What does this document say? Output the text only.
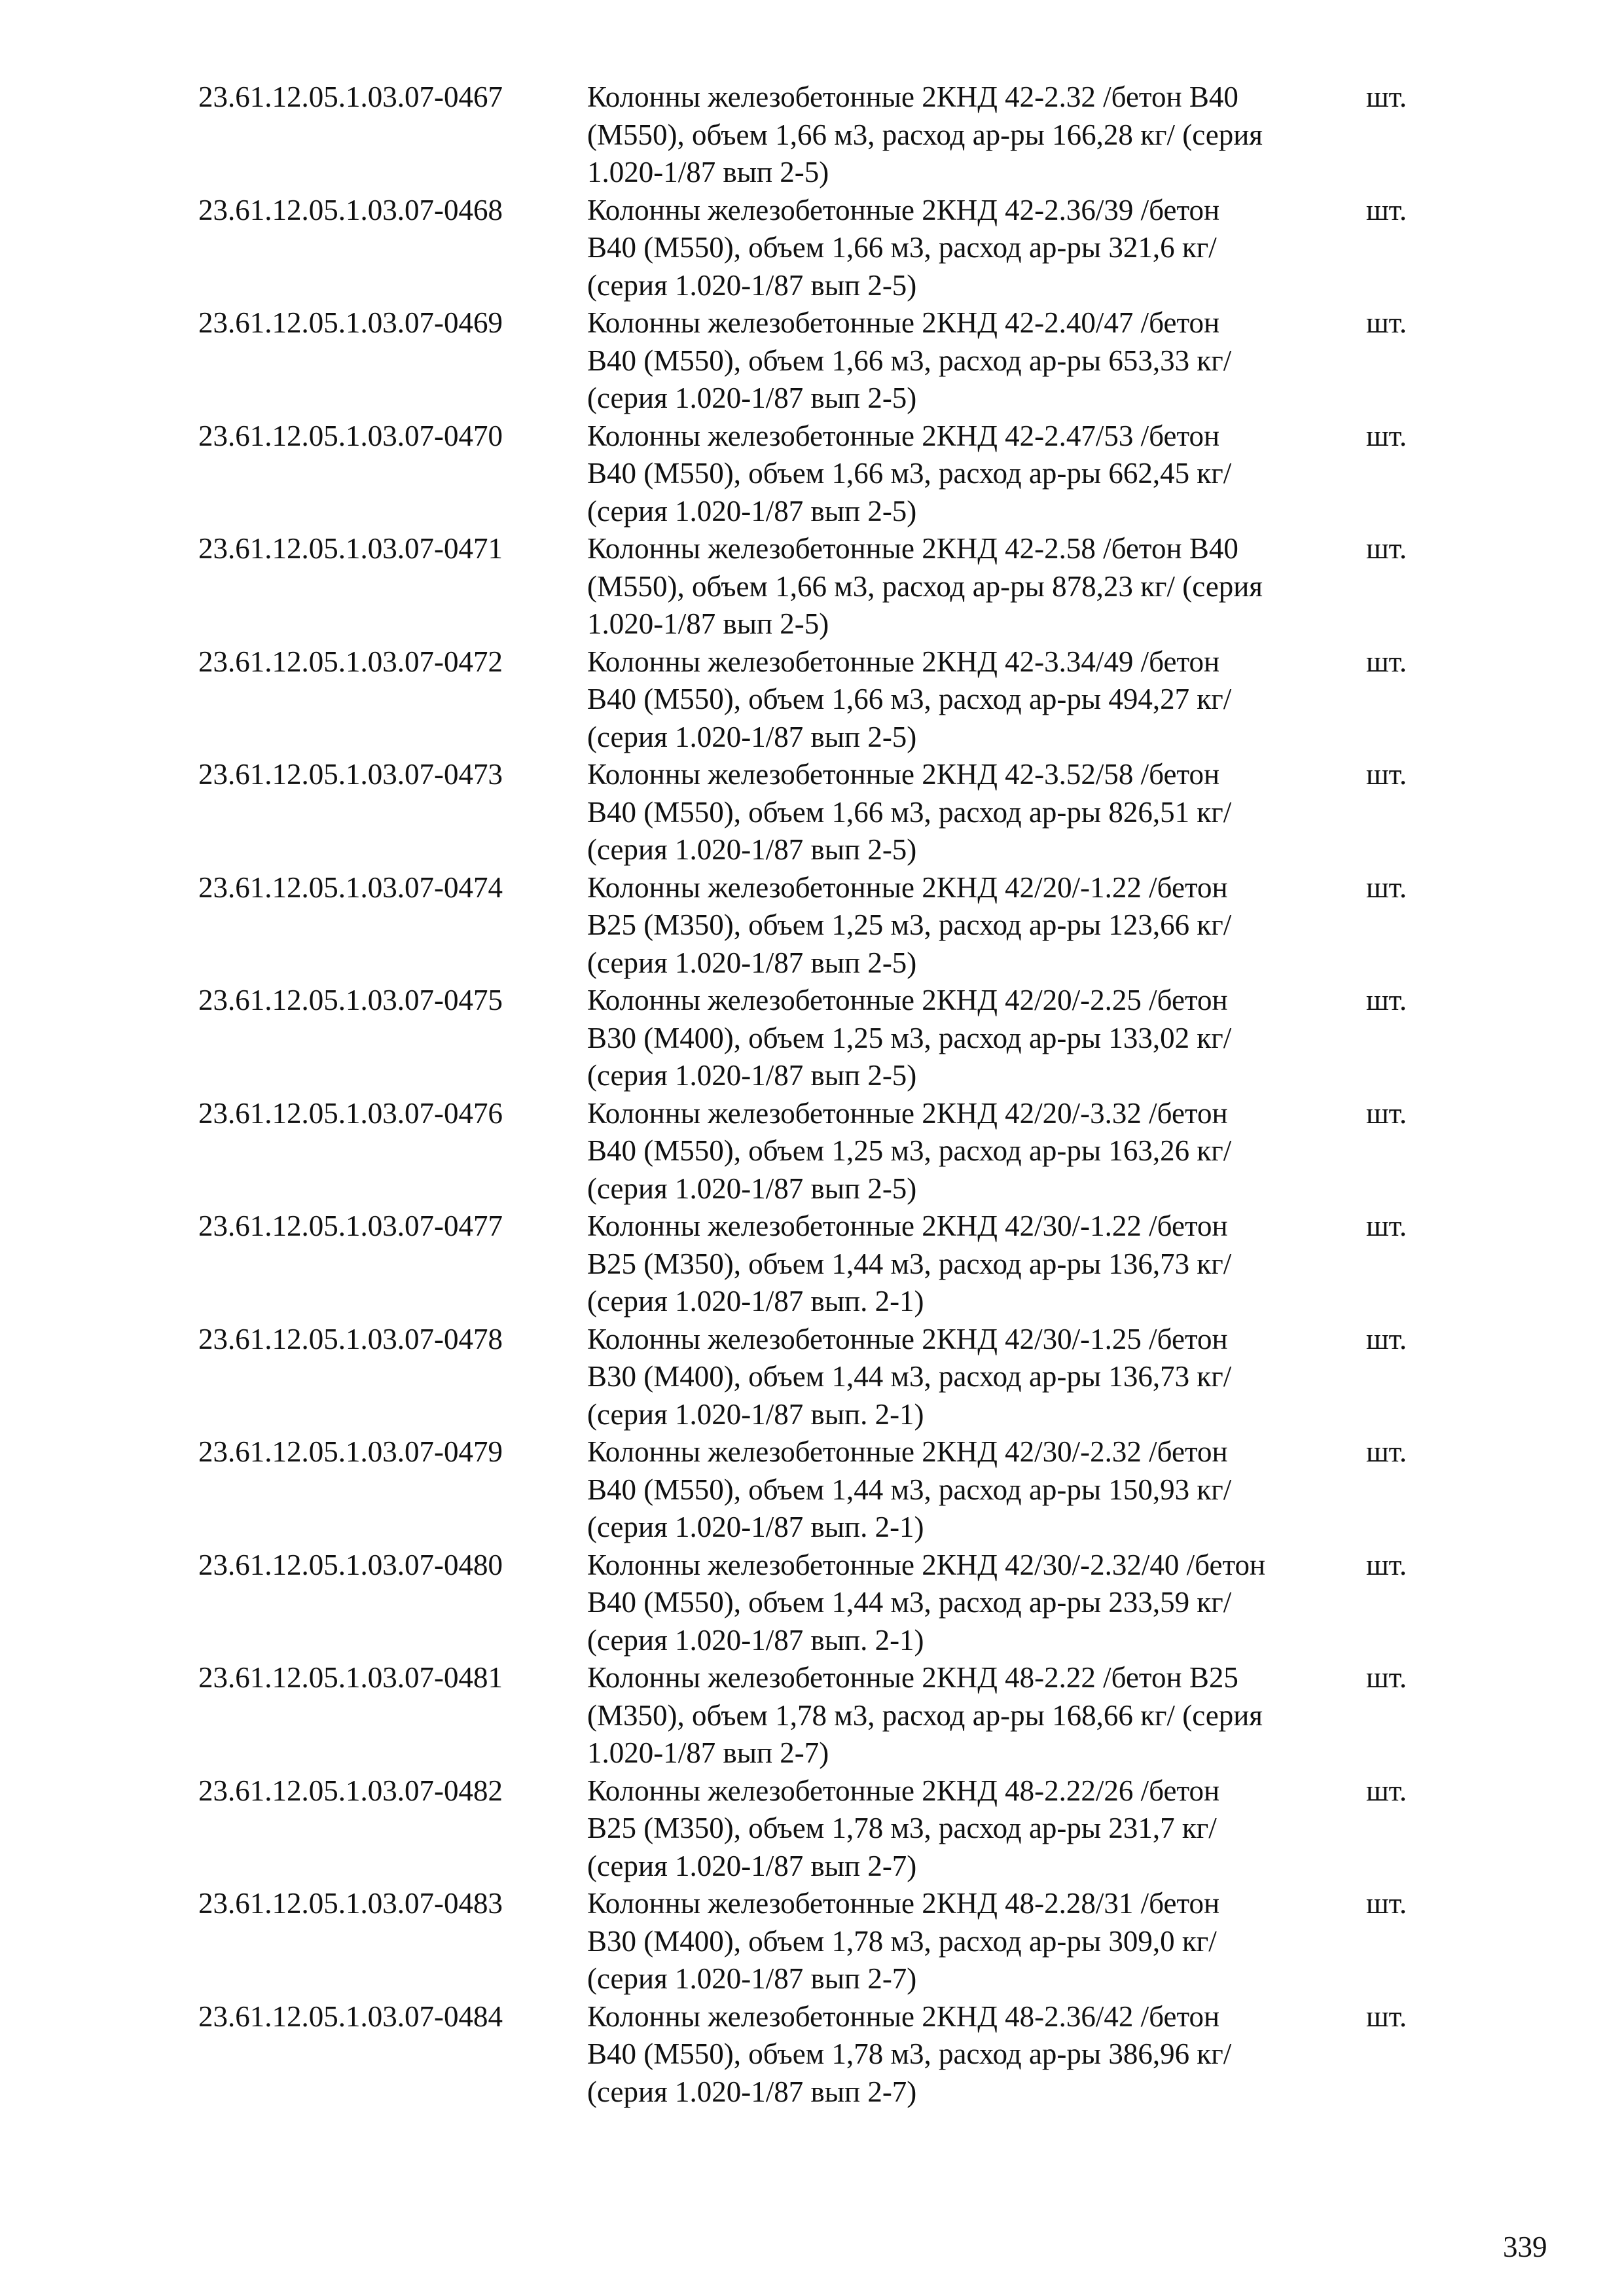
23.61.12.05.1.03.07-0467	Колонны железобетонные 2КНД 42-2.32 /бетон В40
(М550), объем 1,66 м3, расход ар-ры 166,28 кг/ (серия
1.020-1/87 вып 2-5)
шт.
23.61.12.05.1.03.07-0468	Колонны железобетонные 2КНД 42-2.36/39 /бетон
В40 (М550), объем 1,66 м3, расход ар-ры 321,6 кг/
(серия 1.020-1/87 вып 2-5)
шт.
23.61.12.05.1.03.07-0469	Колонны железобетонные 2КНД 42-2.40/47 /бетон
В40 (М550), объем 1,66 м3, расход ар-ры 653,33 кг/
(серия 1.020-1/87 вып 2-5)
шт.
23.61.12.05.1.03.07-0470	Колонны железобетонные 2КНД 42-2.47/53 /бетон
В40 (М550), объем 1,66 м3, расход ар-ры 662,45 кг/
(серия 1.020-1/87 вып 2-5)
шт.
23.61.12.05.1.03.07-0471	Колонны железобетонные 2КНД 42-2.58 /бетон В40
(М550), объем 1,66 м3, расход ар-ры 878,23 кг/ (серия
1.020-1/87 вып 2-5)
шт.
23.61.12.05.1.03.07-0472	Колонны железобетонные 2КНД 42-3.34/49 /бетон
В40 (М550), объем 1,66 м3, расход ар-ры 494,27 кг/
(серия 1.020-1/87 вып 2-5)
шт.
23.61.12.05.1.03.07-0473	Колонны железобетонные 2КНД 42-3.52/58 /бетон
В40 (М550), объем 1,66 м3, расход ар-ры 826,51 кг/
(серия 1.020-1/87 вып 2-5)
шт.
23.61.12.05.1.03.07-0474	Колонны железобетонные 2КНД 42/20/-1.22 /бетон
В25 (М350), объем 1,25 м3, расход ар-ры 123,66 кг/
(серия 1.020-1/87 вып 2-5)
шт.
23.61.12.05.1.03.07-0475	Колонны железобетонные 2КНД 42/20/-2.25 /бетон
В30 (М400), объем 1,25 м3, расход ар-ры 133,02 кг/
(серия 1.020-1/87 вып 2-5)
шт.
23.61.12.05.1.03.07-0476	Колонны железобетонные 2КНД 42/20/-3.32 /бетон
В40 (М550), объем 1,25 м3, расход ар-ры 163,26 кг/
(серия 1.020-1/87 вып 2-5)
шт.
23.61.12.05.1.03.07-0477	Колонны железобетонные 2КНД 42/30/-1.22 /бетон
В25 (М350), объем 1,44 м3, расход ар-ры 136,73 кг/
(серия 1.020-1/87 вып. 2-1)
шт.
23.61.12.05.1.03.07-0478	Колонны железобетонные 2КНД 42/30/-1.25 /бетон
В30 (М400), объем 1,44 м3, расход ар-ры 136,73 кг/
(серия 1.020-1/87 вып. 2-1)
шт.
23.61.12.05.1.03.07-0479	Колонны железобетонные 2КНД 42/30/-2.32 /бетон
В40 (М550), объем 1,44 м3, расход ар-ры 150,93 кг/
(серия 1.020-1/87 вып. 2-1)
шт.
23.61.12.05.1.03.07-0480	Колонны железобетонные 2КНД 42/30/-2.32/40 /бетон
В40 (М550), объем 1,44 м3, расход ар-ры 233,59 кг/
(серия 1.020-1/87 вып. 2-1)
шт.
23.61.12.05.1.03.07-0481	Колонны железобетонные 2КНД 48-2.22 /бетон В25
(М350), объем 1,78 м3, расход ар-ры 168,66 кг/ (серия
1.020-1/87 вып 2-7)
шт.
23.61.12.05.1.03.07-0482	Колонны железобетонные 2КНД 48-2.22/26 /бетон
В25 (М350), объем 1,78 м3, расход ар-ры 231,7 кг/
(серия 1.020-1/87 вып 2-7)
шт.
23.61.12.05.1.03.07-0483	Колонны железобетонные 2КНД 48-2.28/31 /бетон
В30 (М400), объем 1,78 м3, расход ар-ры 309,0 кг/
(серия 1.020-1/87 вып 2-7)
шт.
23.61.12.05.1.03.07-0484	Колонны железобетонные 2КНД 48-2.36/42 /бетон
В40 (М550), объем 1,78 м3, расход ар-ры 386,96 кг/
(серия 1.020-1/87 вып 2-7)
шт.
339
